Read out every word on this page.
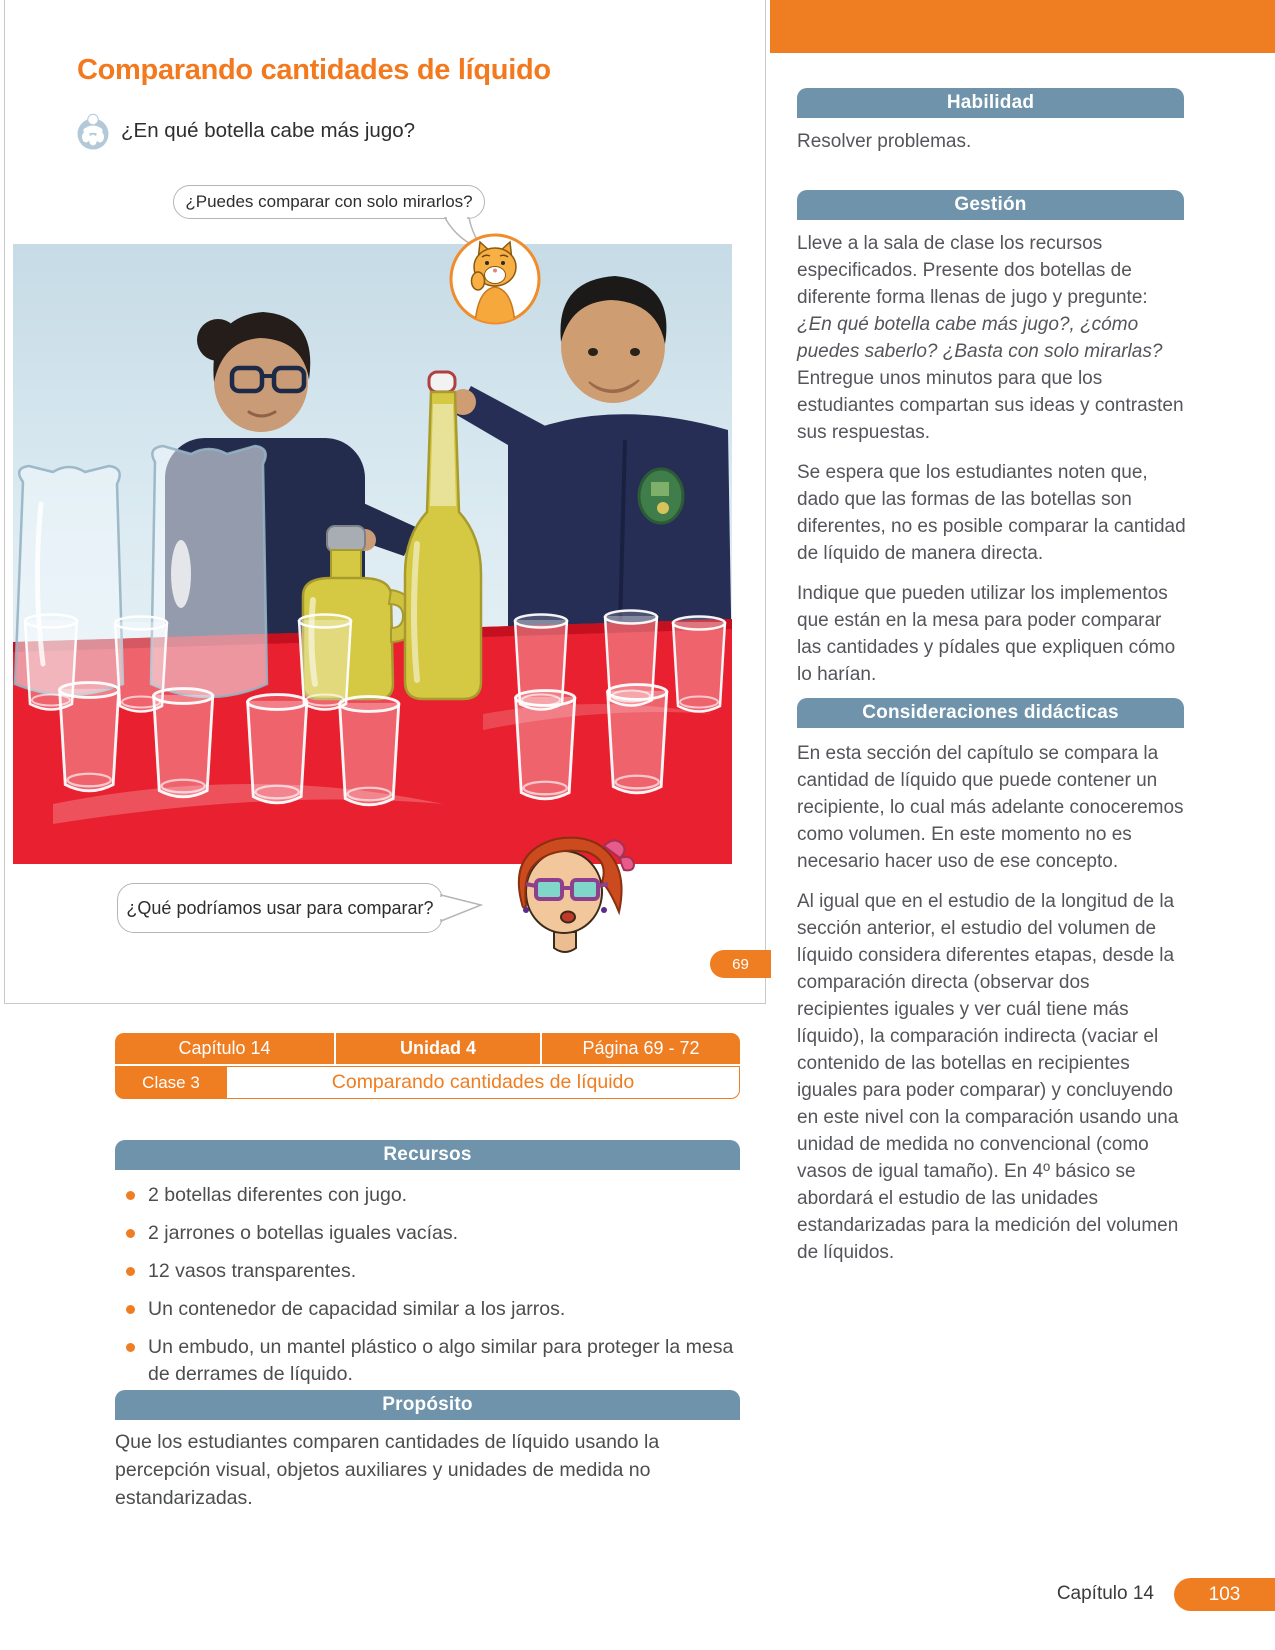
Comparando cantidades de líquido
¿En qué botella cabe más jugo?
¿Puedes comparar con solo mirarlos?
¿Qué podríamos usar para comparar?
69
Capítulo 14	Unidad 4	Página 69 - 72
Clase 3	Comparando cantidades de líquido
Recursos
2 botellas diferentes con jugo.
2 jarrones o botellas iguales vacías.
12 vasos transparentes.
Un contenedor de capacidad similar a los jarros.
Un embudo, un mantel plástico o algo similar para proteger la mesa de derrames de líquido.
Propósito

Que los estudiantes comparen cantidades de líquido usando la percepción visual, objetos auxiliares y unidades de medida no estandarizadas.

Habilidad
Resolver problemas.
Gestión

Lleve a la sala de clase los recursos especificados. Presente dos botellas de diferente forma llenas de jugo y pregunte: ¿En qué botella cabe más jugo?, ¿cómo puedes saberlo? ¿Basta con solo mirarlas? Entregue unos minutos para que los estudiantes compartan sus ideas y contrasten sus respuestas.

Se espera que los estudiantes noten que, dado que las formas de las botellas son diferentes, no es posible comparar la cantidad de líquido de manera directa.

Indique que pueden utilizar los implementos que están en la mesa para poder comparar las cantidades y pídales que expliquen cómo lo harían.

Consideraciones didácticas

En esta sección del capítulo se compara la cantidad de líquido que puede contener un recipiente, lo cual más adelante conoceremos como volumen. En este momento no es necesario hacer uso de ese concepto.

Al igual que en el estudio de la longitud de la sección anterior, el estudio del volumen de líquido considera diferentes etapas, desde la comparación directa (observar dos recipientes iguales y ver cuál tiene más líquido), la comparación indirecta (vaciar el contenido de las botellas en recipientes iguales para poder comparar) y concluyendo en este nivel con la comparación usando una unidad de medida no convencional (como vasos de igual tamaño). En 4º básico se abordará el estudio de las unidades estandarizadas para la medición del volumen de líquidos.

Capítulo 14	103
